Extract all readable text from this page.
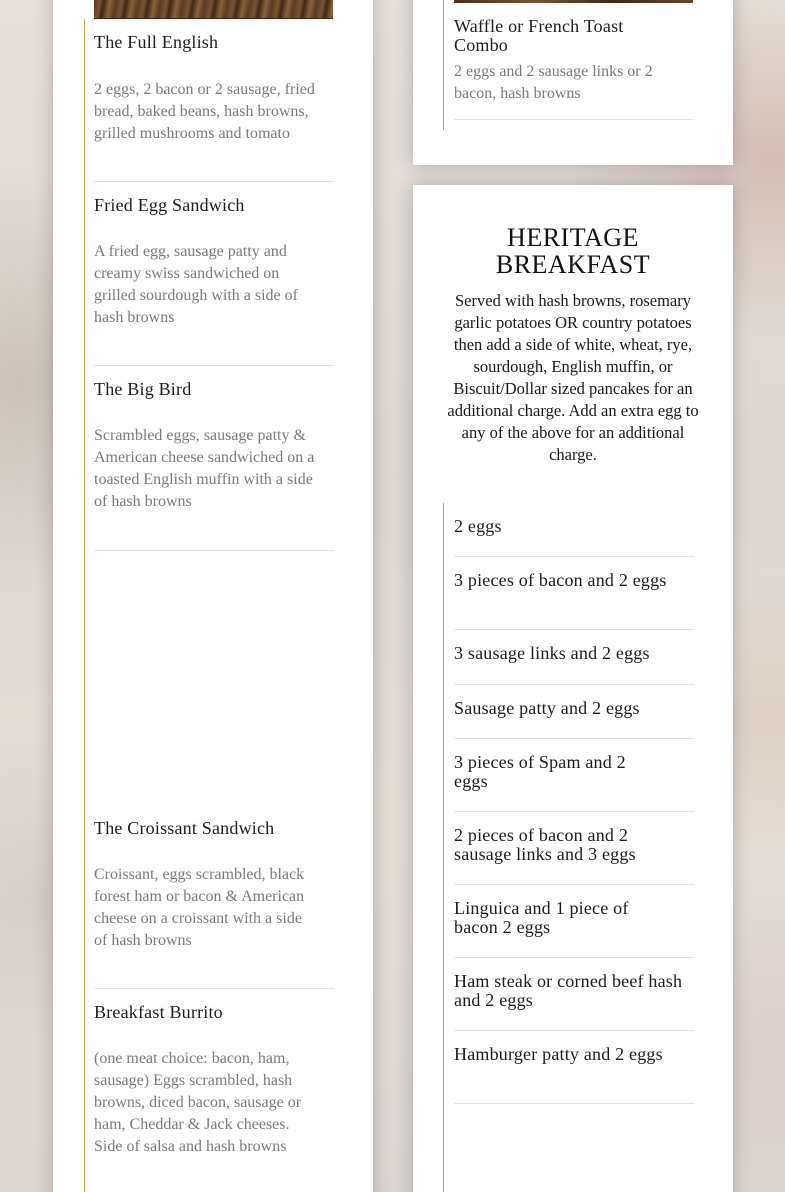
The Full English
2 eggs, 2 bacon or 2 sausage, fried bread, baked beans, hash browns, grilled mushrooms and tomato
Fried Egg Sandwich
A fried egg, sausage patty and creamy swiss sandwiched on grilled sourdough with a side of hash browns
The Big Bird
Scrambled eggs, sausage patty & American cheese sandwiched on a toasted English muffin with a side of hash browns
The Croissant Sandwich
Croissant, eggs scrambled, black forest ham or bacon & American cheese on a croissant with a side of hash browns
Breakfast Burrito
(one meat choice: bacon, ham, sausage) Eggs scrambled, hash browns, diced bacon, sausage or ham, Cheddar & Jack cheeses. Side of salsa and hash browns
Waffle or French Toast Combo
2 eggs and 2 sausage links or 2 bacon, hash browns
HERITAGE BREAKFAST
Served with hash browns, rosemary garlic potatoes OR country potatoes then add a side of white, wheat, rye, sourdough, English muffin, or Biscuit/Dollar sized pancakes for an additional charge. Add an extra egg to any of the above for an additional charge.
2 eggs
3 pieces of bacon and 2 eggs
3 sausage links and 2 eggs
Sausage patty and 2 eggs
3 pieces of Spam and 2 eggs
2 pieces of bacon and 2 sausage links and 3 eggs
Linguica and 1 piece of bacon 2 eggs
Ham steak or corned beef hash and 2 eggs
Hamburger patty and 2 eggs
